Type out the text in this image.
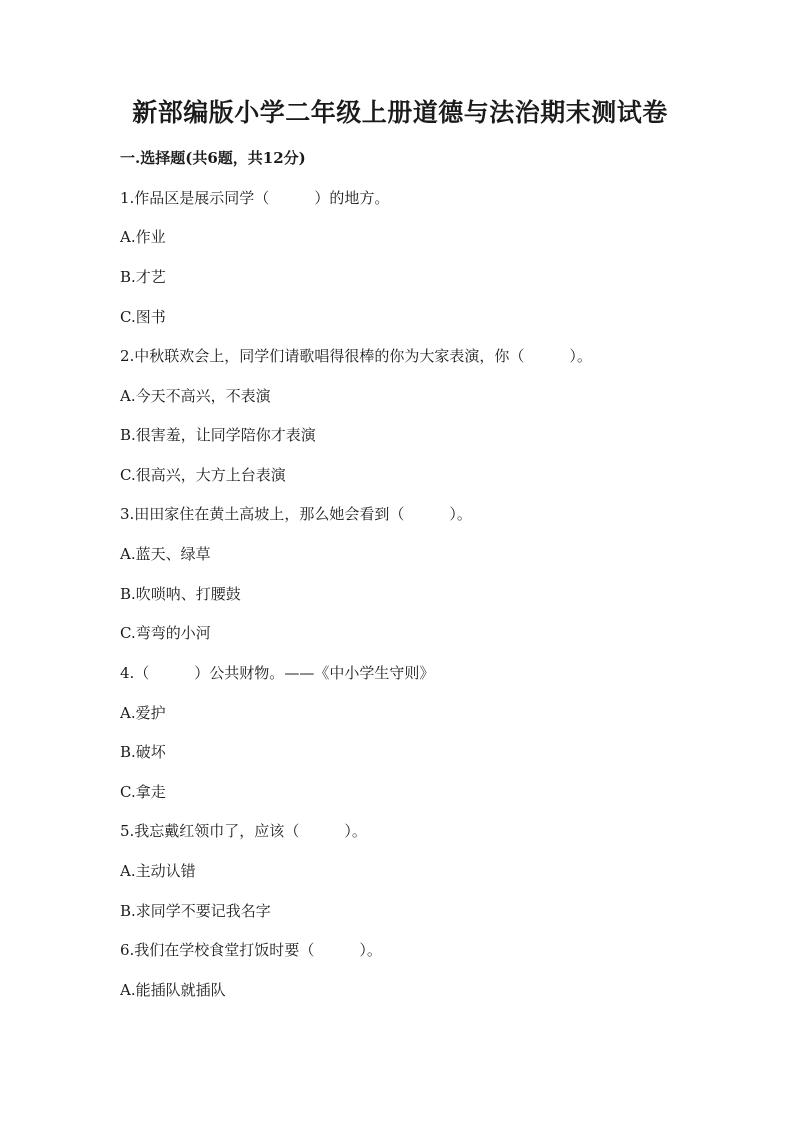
新部编版小学二年级上册道德与法治期末测试卷
一.选择题(共6题，共12分)
1.作品区是展示同学（　　　）的地方。
A.作业
B.才艺
C.图书
2.中秋联欢会上，同学们请歌唱得很棒的你为大家表演，你（　　　）。
A.今天不高兴，不表演
B.很害羞，让同学陪你才表演
C.很高兴，大方上台表演
3.田田家住在黄土高坡上，那么她会看到（　　　）。
A.蓝天、绿草
B.吹唢呐、打腰鼓
C.弯弯的小河
4.（　　　）公共财物。——《中小学生守则》
A.爱护
B.破坏
C.拿走
5.我忘戴红领巾了，应该（　　　）。
A.主动认错
B.求同学不要记我名字
6.我们在学校食堂打饭时要（　　　）。
A.能插队就插队
